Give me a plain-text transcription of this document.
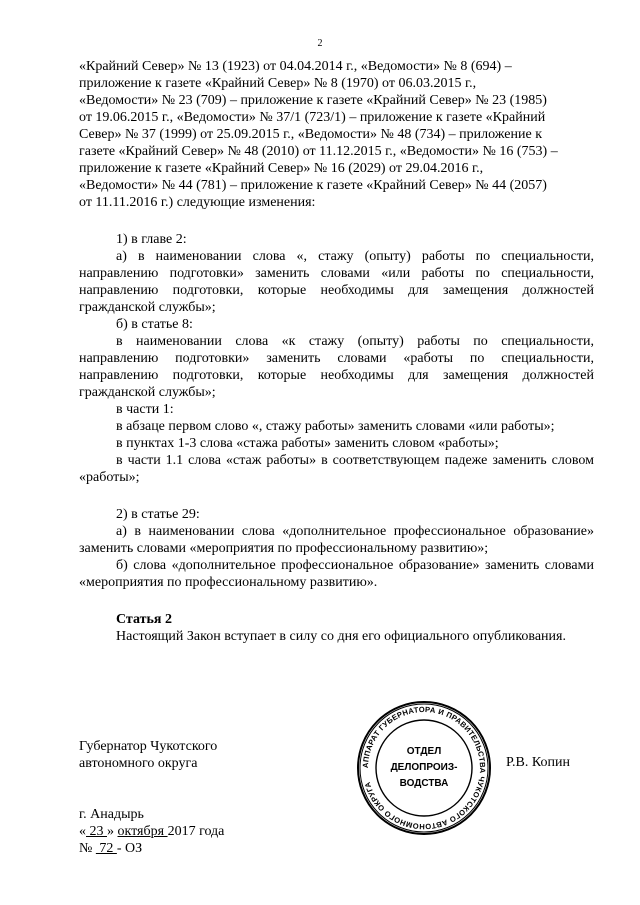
2

«Крайний Север» № 13 (1923) от 04.04.2014 г., «Ведомости» № 8 (694) –

приложение к газете «Крайний Север» № 8 (1970) от 06.03.2015 г.,

«Ведомости» № 23 (709) – приложение к газете «Крайний Север» № 23 (1985)

от 19.06.2015 г., «Ведомости» № 37/1 (723/1) – приложение к газете «Крайний

Север» № 37 (1999) от 25.09.2015 г., «Ведомости» № 48 (734) – приложение к

газете «Крайний Север» № 48 (2010) от 11.12.2015 г., «Ведомости» № 16 (753) –

приложение к газете «Крайний Север» № 16 (2029) от 29.04.2016 г.,

«Ведомости» № 44 (781) – приложение к газете «Крайний Север» № 44 (2057)

от 11.11.2016 г.) следующие изменения:

1) в главе 2:

а) в наименовании слова «, стажу (опыту) работы по специальности, направлению подготовки» заменить словами «или работы по специальности, направлению подготовки, которые необходимы для замещения должностей гражданской службы»;

б) в статье 8:

в наименовании слова «к стажу (опыту) работы по специальности, направлению подготовки» заменить словами «работы по специальности, направлению подготовки, которые необходимы для замещения должностей гражданской службы»;

в части 1:

в абзаце первом слово «, стажу работы» заменить словами «или работы»;

в пунктах 1-3 слова «стажа работы» заменить словом «работы»;

в части 1.1 слова «стаж работы» в соответствующем падеже заменить словом «работы»;

2) в статье 29:

а) в наименовании слова «дополнительное профессиональное образование» заменить словами «мероприятия по профессиональному развитию»;

б) слова «дополнительное профессиональное образование» заменить словами «мероприятия по профессиональному развитию».

Статья 2

Настоящий Закон вступает в силу со дня его официального опубликования.

Губернатор Чукотского
автономного округа	Р.В. Копин
АППАРАТ ГУБЕРНАТОРА И ПРАВИТЕЛЬСТВА ЧУКОТСКОГО АВТОНОМНОГО ОКРУГА
ОТДЕЛ
ДЕЛОПРОИЗ-
ВОДСТВА
г. Анадырь
« 23 » октября 2017 года
№  72 - ОЗ
